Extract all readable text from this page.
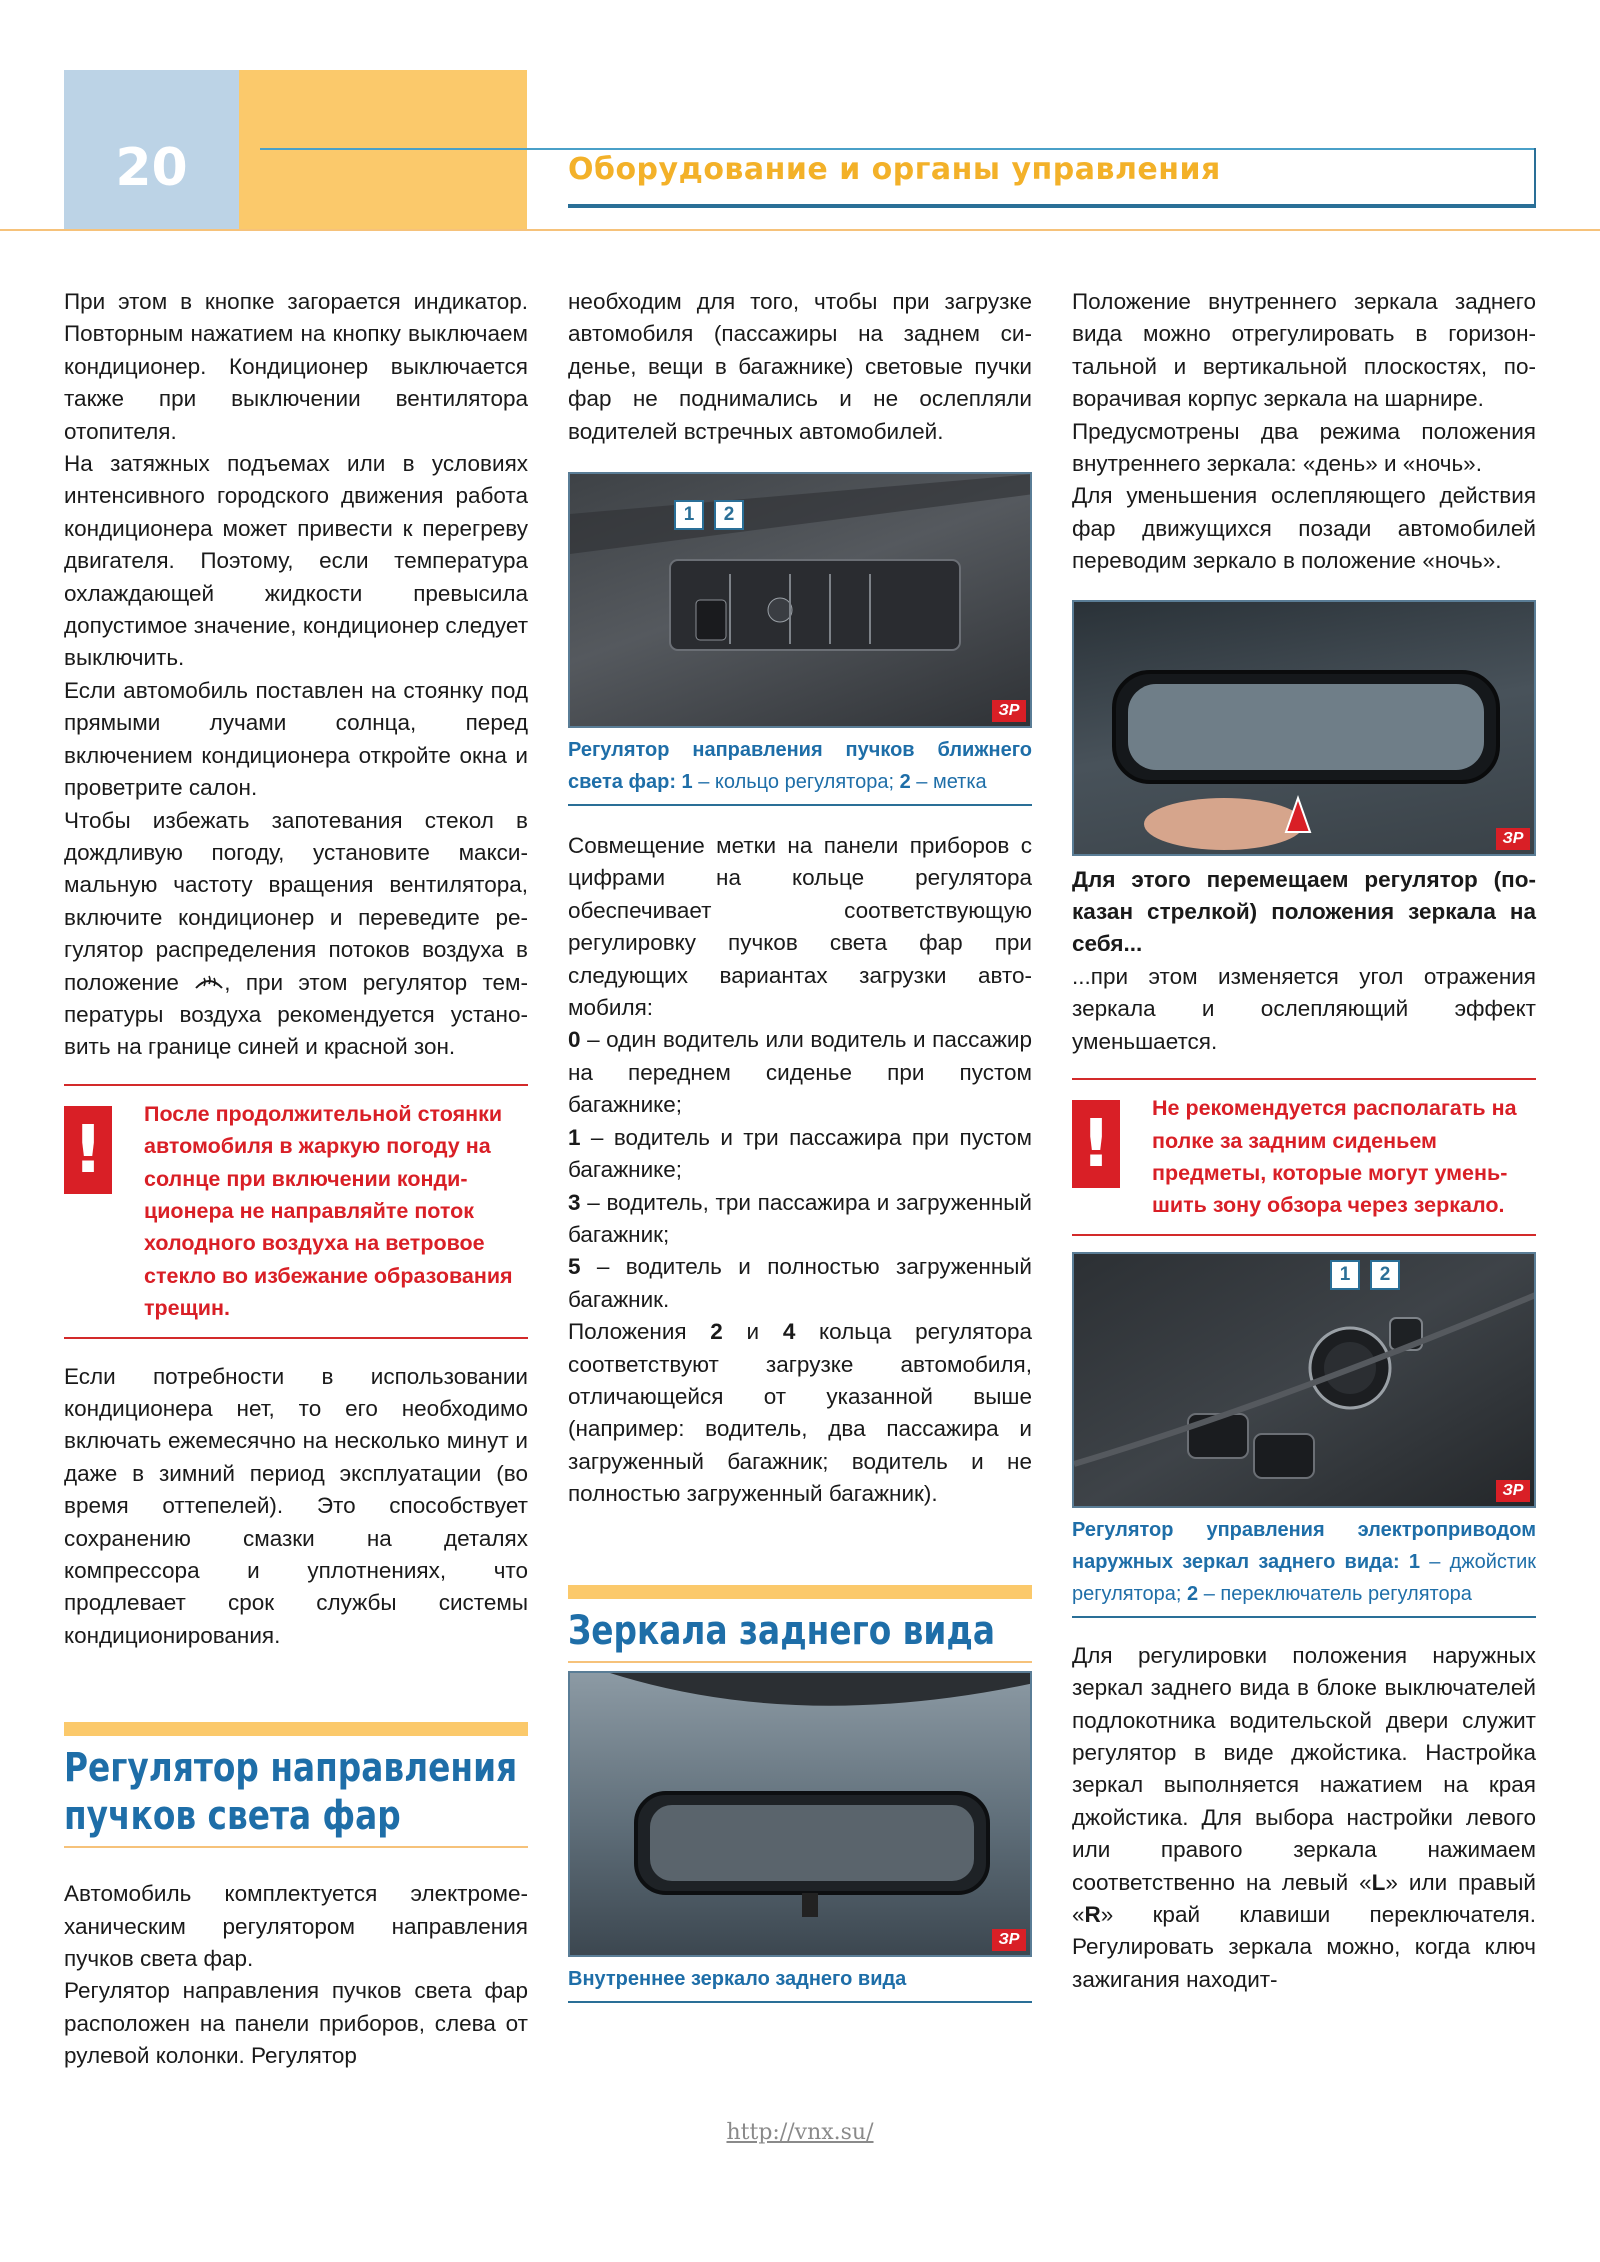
20	Оборудование и органы управления

При этом в кнопке загорается индикатор. Повторным нажатием на кнопку выключаем кондиционер. Кондиционер выключается также при выключении вентилятора отопителя.

На затяжных подъемах или в условиях интенсивного городского движения работа кондиционера может привести к перегреву двигателя. Поэтому, если температура охлаждающей жидкости превысила допустимое значение, кондиционер следует выключить.

Если автомобиль поставлен на стоянку под прямыми лучами солнца, перед включением кондиционера откройте окна и проветрите салон.

Чтобы избежать запотевания стекол в дождливую погоду, установите максимальную частоту вращения вентилятора, включите кондиционер и переведите регулятор распределения потоков воздуха в положение , при этом регулятор температуры воздуха рекомендуется установить на границе синей и красной зон.

!	После продолжительной стоянки автомобиля в жаркую погоду на солнце при включении кондиционера не направляйте поток холодного воздуха на ветровое стекло во избежание образования трещин.

Если потребности в использовании кондиционера нет, то его необходимо включать ежемесячно на несколько минут и даже в зимний период эксплуатации (во время оттепелей). Это способствует сохранению смазки на деталях компрессора и уплотнениях, что продлевает срок службы системы кондиционирования.

Регулятор направления пучков света фар

Автомобиль комплектуется электромеханическим регулятором направления пучков света фар.

Регулятор направления пучков света фар расположен на панели приборов, слева от рулевой колонки. Регулятор

необходим для того, чтобы при загрузке автомобиля (пассажиры на заднем сиденье, вещи в багажнике) световые пучки фар не поднимались и не ослепляли водителей встречных автомобилей.

1	2
ЗР
Регулятор направления пучков ближнего света фар: 1 – кольцо регулятора; 2 – метка

Совмещение метки на панели приборов с цифрами на кольце регулятора обеспечивает соответствующую регулировку пучков света фар при следующих вариантах загрузки автомобиля:

0 – один водитель или водитель и пассажир на переднем сиденье при пустом багажнике;

1 – водитель и три пассажира при пустом багажнике;

3 – водитель, три пассажира и загруженный багажник;

5 – водитель и полностью загруженный багажник.

Положения 2 и 4 кольца регулятора соответствуют загрузке автомобиля, отличающейся от указанной выше (например: водитель, два пассажира и загруженный багажник; водитель и не полностью загруженный багажник).

Зеркала заднего вида
ЗР
Внутреннее зеркало заднего вида

Положение внутреннего зеркала заднего вида можно отрегулировать в горизонтальной и вертикальной плоскостях, поворачивая корпус зеркала на шарнире.

Предусмотрены два режима положения внутреннего зеркала: «день» и «ночь».

Для уменьшения ослепляющего действия фар движущихся позади автомобилей переводим зеркало в положение «ночь».

ЗР

Для этого перемещаем регулятор (показан стрелкой) положения зеркала на себя...

...при этом изменяется угол отражения зеркала и ослепляющий эффект уменьшается.

!	Не рекомендуется располагать на полке за задним сиденьем предметы, которые могут уменьшить зону обзора через зеркало.
1	2
ЗР
Регулятор управления электроприводом наружных зеркал заднего вида: 1 – джойстик регулятора; 2 – переключатель регулятора

Для регулировки положения наружных зеркал заднего вида в блоке выключателей подлокотника водительской двери служит регулятор в виде джойстика. Настройка зеркал выполняется нажатием на края джойстика. Для выбора настройки левого или правого зеркала нажимаем соответственно на левый «L» или правый «R» край клавиши переключателя. Регулировать зеркала можно, когда ключ зажигания находит-

http://vnx.su/
